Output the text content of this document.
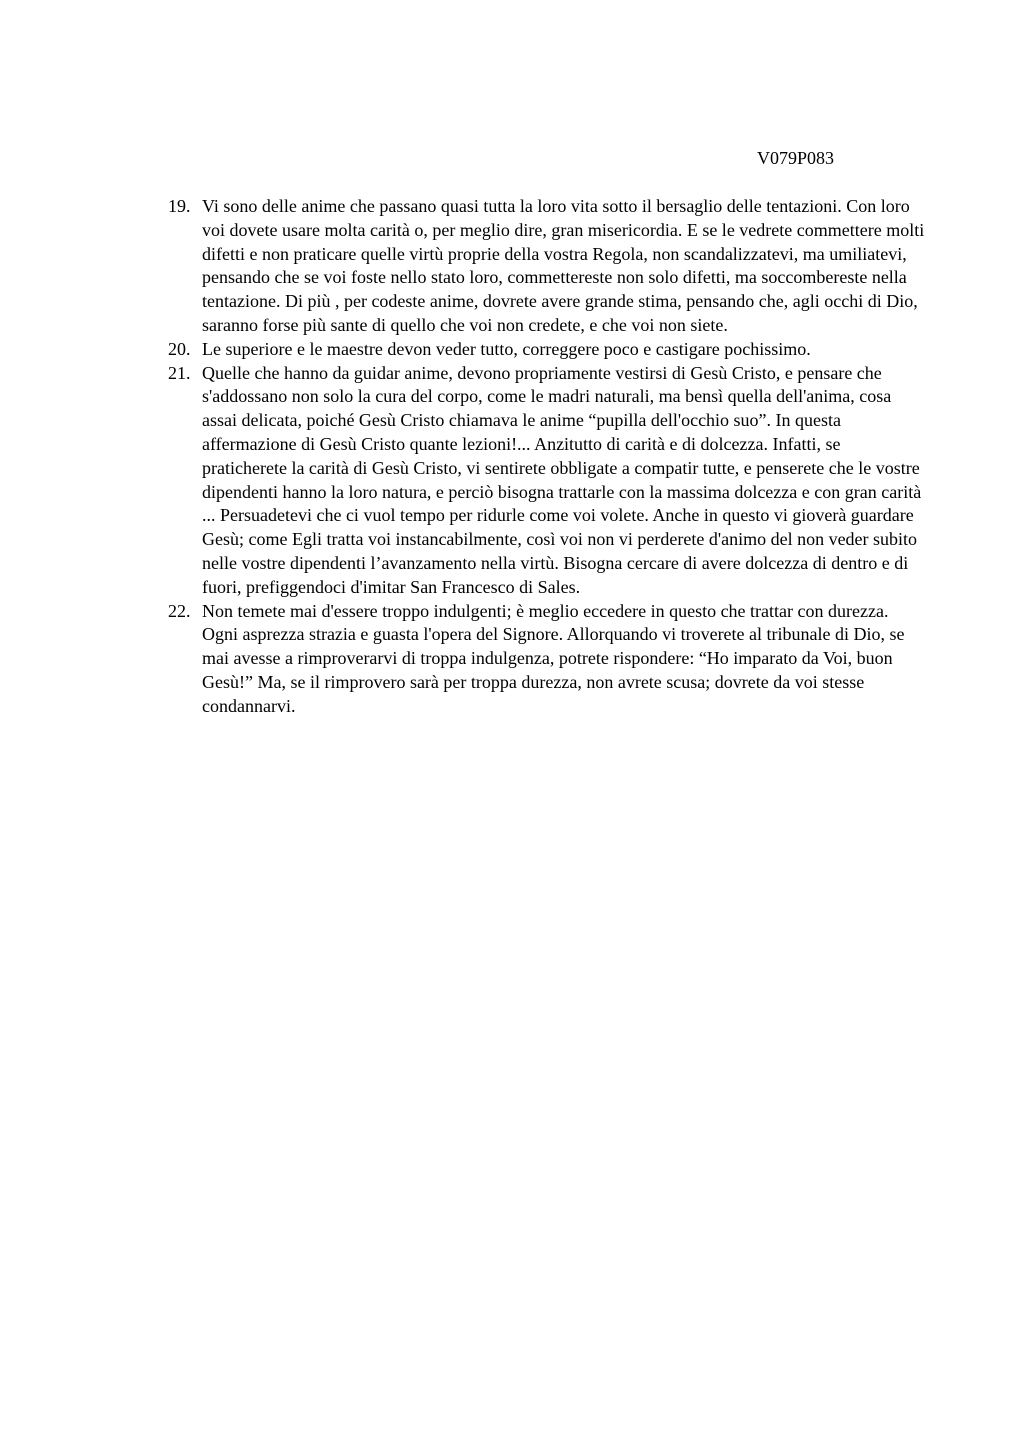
V079P083
19. Vi sono delle anime che passano quasi tutta la loro vita sotto il bersaglio delle tentazioni. Con loro voi dovete usare molta carità o, per meglio dire, gran misericordia. E se le vedrete commettere molti difetti e non praticare quelle virtù proprie della vostra Regola, non scandalizzatevi, ma umiliatevi, pensando che se voi foste nello stato loro, commettereste non solo difetti, ma soccombereste nella tentazione. Di più , per codeste anime, dovrete avere grande stima, pensando che, agli occhi di Dio, saranno forse più sante di quello che voi non credete, e che voi non siete.
20. Le superiore e le maestre devon veder tutto, correggere poco e castigare pochissimo.
21. Quelle che hanno da guidar anime, devono propriamente vestirsi di Gesù Cristo, e pensare che s'addossano non solo la cura del corpo, come le madri naturali, ma bensì quella dell'anima, cosa assai delicata, poiché Gesù Cristo chiamava le anime “pupilla dell'occhio suo”. In questa affermazione di Gesù Cristo quante lezioni!... Anzitutto di carità e di dolcezza. Infatti, se praticherete la carità di Gesù Cristo, vi sentirete obbligate a compatir tutte, e penserete che le vostre dipendenti hanno la loro natura, e perciò bisogna trattarle con la massima dolcezza e con gran carità ... Persuadetevi che ci vuol tempo per ridurle come voi volete. Anche in questo vi gioverà guardare Gesù; come Egli tratta voi instancabilmente, così voi non vi perderete d'animo del non veder subito nelle vostre dipendenti l’avanzamento nella virtù. Bisogna cercare di avere dolcezza di dentro e di fuori, prefiggendoci d'imitar San Francesco di Sales.
22. Non temete mai d'essere troppo indulgenti; è meglio eccedere in questo che trattar con durezza. Ogni asprezza strazia e guasta l'opera del Signore. Allorquando vi troverete al tribunale di Dio, se mai avesse a rimproverarvi di troppa indulgenza, potrete rispondere: “Ho imparato da Voi, buon Gesù!” Ma, se il rimprovero sarà per troppa durezza, non avrete scusa; dovrete da voi stesse condannarvi.
